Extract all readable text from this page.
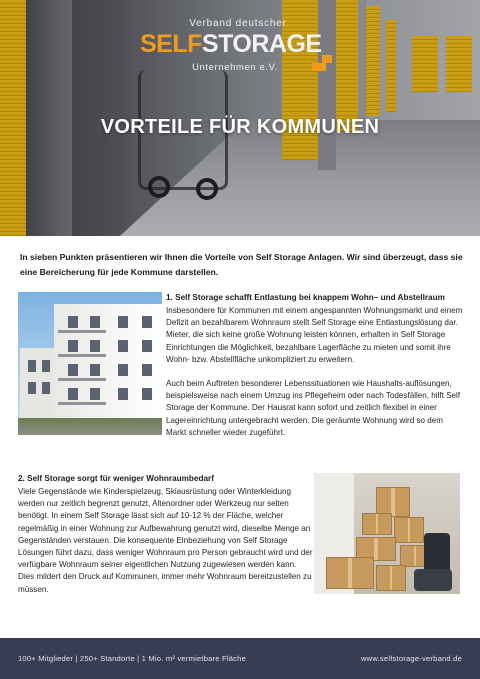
Verband deutscher
SELFSTORAGE
Unternehmen e.V.
VORTEILE FÜR KOMMUNEN

In sieben Punkten präsentieren wir Ihnen die Vorteile von Self Storage Anlagen. Wir sind überzeugt, dass sie eine Bereicherung für jede Kommune darstellen.

1. Self Storage schafft Entlastung bei knappem Wohn– und Abstellraum

Insbesondere für Kommunen mit einem angespannten Wohnungsmarkt und einem Defizit an bezahlbarem Wohnraum stellt Self Storage eine Entlastungslösung dar. Mieter, die sich keine große Wohnung leisten können, erhalten in Self Storage Einrichtungen die Möglichkeit, bezahlbare Lagerfläche zu mieten und somit ihre Wohn- bzw. Abstellfläche unkompliziert zu erweitern.

Auch beim Auftreten besonderer Lebenssituationen wie Haushalts-auflösungen, beispielsweise nach einem Umzug ins Pflegeheim oder nach Todesfällen, hilft Self Storage der Kommune. Der Hausrat kann sofort und zeitlich flexibel in einer Lagereinrichtung untergebracht werden. Die geräumte Wohnung wird so dem Markt schneller wieder zugeführt.

2. Self Storage sorgt für weniger Wohnraumbedarf

Viele Gegenstände wie Kinderspielzeug, Skiausrüstung oder Winterkleidung werden nur zeitlich begrenzt genutzt, Altenordner oder Werkzeug nur selten benötigt. In einem Self Storage lässt sich auf 10-12 % der Fläche, welcher regelmäßig in einer Wohnung zur Aufbewahrung genutzt wird, dieselbe Menge an Gegenständen verstauen. Die konsequente Einbeziehung von Self Storage Lösungen führt dazu, dass weniger Wohnraum pro Person gebraucht wird und der verfügbare Wohnraum seiner eigentlichen Nutzung zugewiesen werden kann. Dies mildert den Druck auf Kommunen, immer mehr Wohnraum bereitzustellen zu müssen.

100+ Mitglieder | 250+ Standorte | 1 Mio. m² vermietbare Fläche	www.selfstorage-verband.de
